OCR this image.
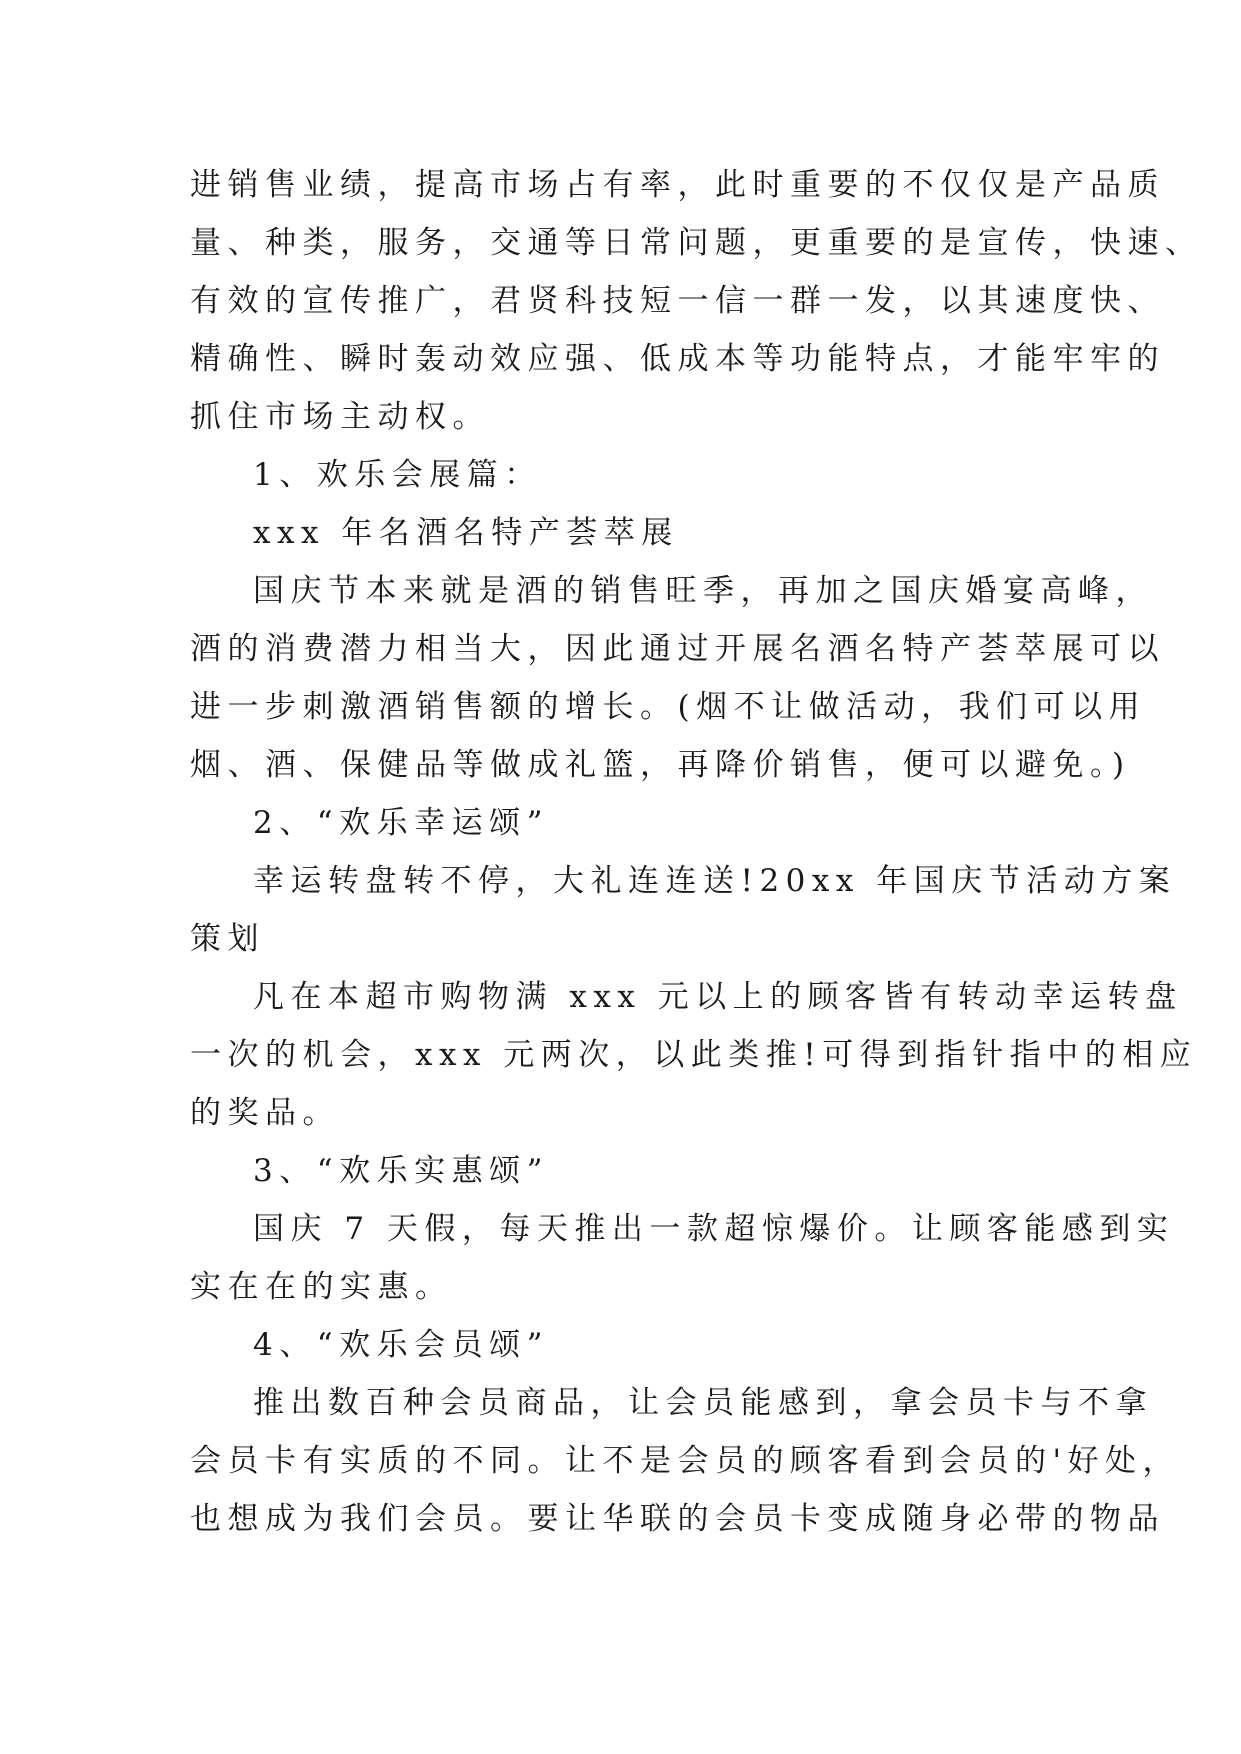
进销售业绩，提高市场占有率，此时重要的不仅仅是产品质
量、种类，服务，交通等日常问题，更重要的是宣传，快速、
有效的宣传推广，君贤科技短一信一群一发，以其速度快、
精确性、瞬时轰动效应强、低成本等功能特点，才能牢牢的
抓住市场主动权。
1、欢乐会展篇：
xxx 年名酒名特产荟萃展
国庆节本来就是酒的销售旺季，再加之国庆婚宴高峰，
酒的消费潜力相当大，因此通过开展名酒名特产荟萃展可以
进一步刺激酒销售额的增长。(烟不让做活动，我们可以用
烟、酒、保健品等做成礼篮，再降价销售，便可以避免。)
2、“欢乐幸运颂”
幸运转盘转不停，大礼连连送!20xx 年国庆节活动方案
策划
凡在本超市购物满 xxx 元以上的顾客皆有转动幸运转盘
一次的机会，xxx 元两次，以此类推!可得到指针指中的相应
的奖品。
3、“欢乐实惠颂”
国庆 7 天假，每天推出一款超惊爆价。让顾客能感到实
实在在的实惠。
4、“欢乐会员颂”
推出数百种会员商品，让会员能感到，拿会员卡与不拿
会员卡有实质的不同。让不是会员的顾客看到会员的'好处，
也想成为我们会员。要让华联的会员卡变成随身必带的物品
